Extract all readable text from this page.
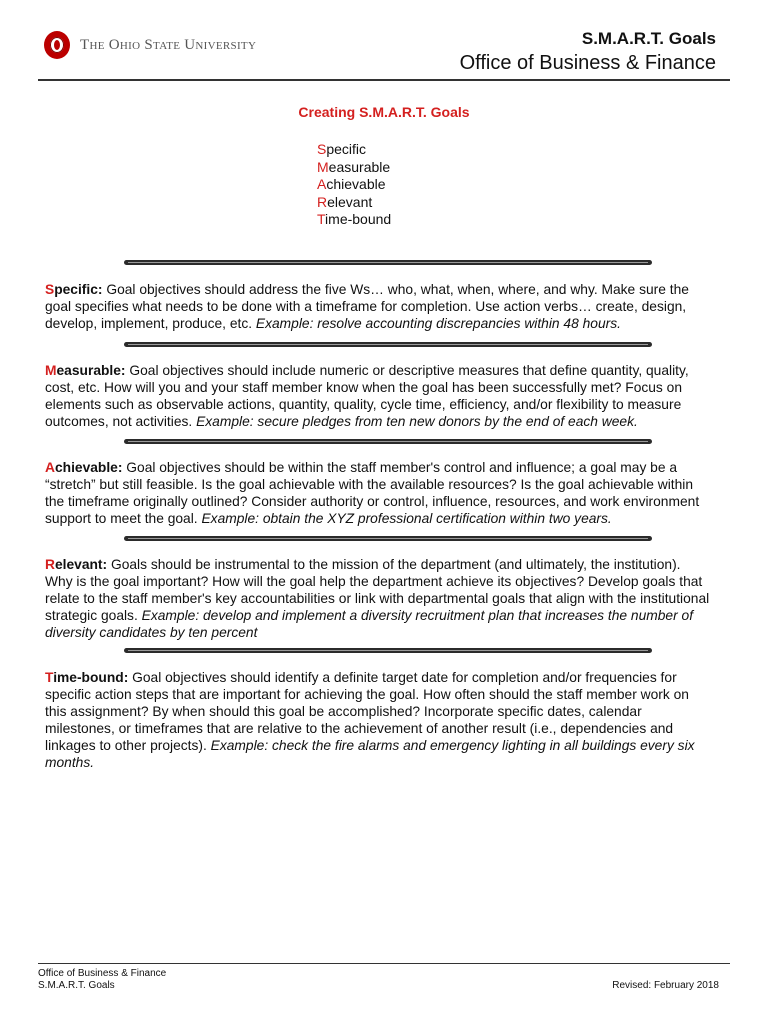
The Ohio State University	S.M.A.R.T. Goals
Office of Business & Finance
Creating S.M.A.R.T. Goals
Specific
Measurable
Achievable
Relevant
Time-bound
Specific: Goal objectives should address the five Ws… who, what, when, where, and why. Make sure the goal specifies what needs to be done with a timeframe for completion. Use action verbs… create, design, develop, implement, produce, etc. Example: resolve accounting discrepancies within 48 hours.
Measurable: Goal objectives should include numeric or descriptive measures that define quantity, quality, cost, etc. How will you and your staff member know when the goal has been successfully met? Focus on elements such as observable actions, quantity, quality, cycle time, efficiency, and/or flexibility to measure outcomes, not activities. Example: secure pledges from ten new donors by the end of each week.
Achievable: Goal objectives should be within the staff member's control and influence; a goal may be a “stretch” but still feasible. Is the goal achievable with the available resources? Is the goal achievable within the timeframe originally outlined? Consider authority or control, influence, resources, and work environment support to meet the goal. Example: obtain the XYZ professional certification within two years.
Relevant: Goals should be instrumental to the mission of the department (and ultimately, the institution). Why is the goal important? How will the goal help the department achieve its objectives? Develop goals that relate to the staff member's key accountabilities or link with departmental goals that align with the institutional strategic goals. Example: develop and implement a diversity recruitment plan that increases the number of diversity candidates by ten percent
Time-bound: Goal objectives should identify a definite target date for completion and/or frequencies for specific action steps that are important for achieving the goal. How often should the staff member work on this assignment? By when should this goal be accomplished? Incorporate specific dates, calendar milestones, or timeframes that are relative to the achievement of another result (i.e., dependencies and linkages to other projects). Example: check the fire alarms and emergency lighting in all buildings every six months.
Office of Business & Finance
S.M.A.R.T. Goals	Revised: February 2018
